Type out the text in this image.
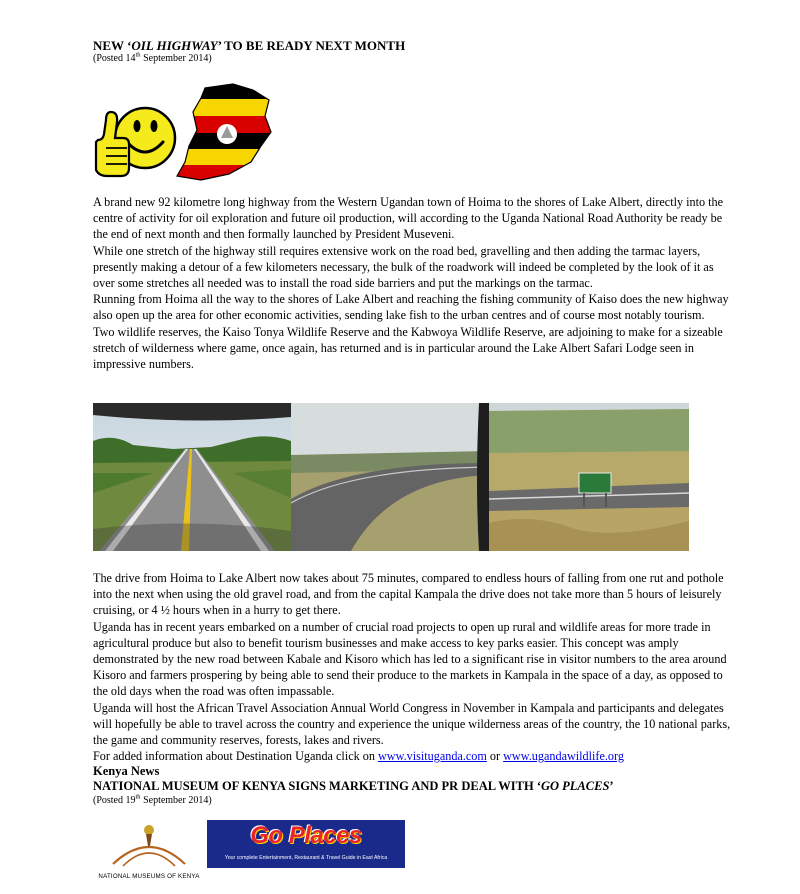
NEW ‘OIL HIGHWAY’ TO BE READY NEXT MONTH
(Posted 14th September 2014)

A brand new 92 kilometre long highway from the Western Ugandan town of Hoima to the shores of Lake Albert, directly into the centre of activity for oil exploration and future oil production, will according to the Uganda National Road Authority be ready be the end of next month and then formally launched by President Museveni.

While one stretch of the highway still requires extensive work on the road bed, gravelling and then adding the tarmac layers, presently making a detour of a few kilometers necessary, the bulk of the roadwork will indeed be completed by the look of it as over some stretches all needed was to install the road side barriers and put the markings on the tarmac.

Running from Hoima all the way to the shores of Lake Albert and reaching the fishing community of Kaiso does the new highway also open up the area for other economic activities, sending lake fish to the urban centres and of course most notably tourism.

Two wildlife reserves, the Kaiso Tonya Wildlife Reserve and the Kabwoya Wildlife Reserve, are adjoining to make for a sizeable stretch of wilderness where game, once again, has returned and is in particular around the Lake Albert Safari Lodge seen in impressive numbers.

The drive from Hoima to Lake Albert now takes about 75 minutes, compared to endless hours of falling from one rut and pothole into the next when using the old gravel road, and from the capital Kampala the drive does not take more than 5 hours of leisurely cruising, or 4 ½ hours when in a hurry to get there.

Uganda has in recent years embarked on a number of crucial road projects to open up rural and wildlife areas for more trade in agricultural produce but also to benefit tourism businesses and make access to key parks easier. This concept was amply demonstrated by the new road between Kabale and Kisoro which has led to a significant rise in visitor numbers to the area around Kisoro and farmers prospering by being able to send their produce to the markets in Kampala in the space of a day, as opposed to the old days when the road was often impassable.

Uganda will host the African Travel Association Annual World Congress in November in Kampala and participants and delegates will hopefully be able to travel across the country and experience the unique wilderness areas of the country, the 10 national parks, the game and community reserves, forests, lakes and rivers.

For added information about Destination Uganda click on www.visituganda.com or www.ugandawildlife.org

Kenya News
NATIONAL MUSEUM OF KENYA SIGNS MARKETING AND PR DEAL WITH ‘GO PLACES’
(Posted 19th September 2014)
NATIONAL MUSEUMS OF KENYA
Go Places
Your complete Entertainment, Restaurant & Travel Guide in East Africa
